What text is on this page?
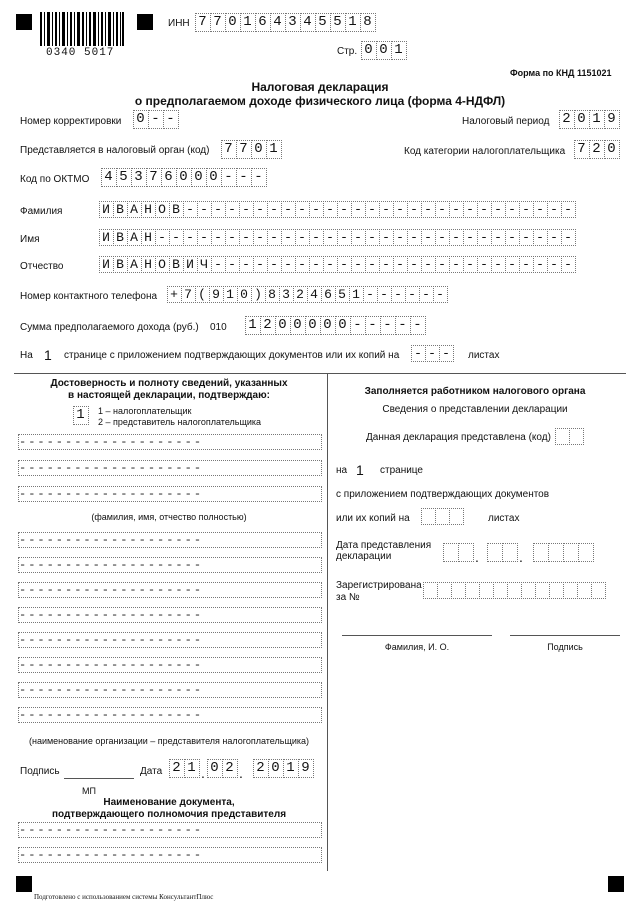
0340 5017
ИНН 7 7 0 1 6 4 3 4 5 5 1 8
Стр. 0 0 1
Форма по КНД 1151021
Налоговая декларация
о предполагаемом доходе физического лица (форма 4-НДФЛ)
Номер корректировки 0 - -	Налоговый период 2 0 1 9
Представляется в налоговый орган (код) 7 7 0 1	Код категории налогоплательщика 7 2 0
Код по ОКТМО 4 5 3 7 6 0 0 0 - - -
Фамилия	И В А Н О В - - - - - - - - - - - - - - - - - - - - - - - - - - - -
Имя	И В А Н - - - - - - - - - - - - - - - - - - - - - - - - - - - - - -
Отчество	И В А Н О В И Ч - - - - - - - - - - - - - - - - - - - - - - - - - -
Номер контактного телефона + 7 ( 9 1 0 ) 8 3 2 4 6 5 1 - - - - - -
Сумма предполагаемого дохода (руб.) 010 1 2 0 0 0 0 0 - - - - -
На 1 странице с приложением подтверждающих документов или их копий на - - -	листах
Достоверность и полноту сведений, указанных
в настоящей декларации, подтверждаю:
1	1 – налогоплательщик
2 – представитель налогоплательщика
--------------------
--------------------
--------------------
(фамилия, имя, отчество полностью)
--------------------
--------------------
--------------------
--------------------
--------------------
--------------------
--------------------
--------------------
(наименование организации – представителя налогоплательщика)
Подпись	Дата 2 1 . 0 2 . 2 0 1 9
МП
Наименование документа,
подтверждающего полномочия представителя
--------------------
--------------------
Заполняется работником налогового органа
Сведения о представлении декларации
Данная декларация представлена (код)
на 1 странице
с приложением подтверждающих документов
или их копий на	листах
Дата представления
декларации	.	.
Зарегистрирована
за №
Фамилия, И. О.	Подпись
Подготовлено с использованием системы КонсультантПлюс
